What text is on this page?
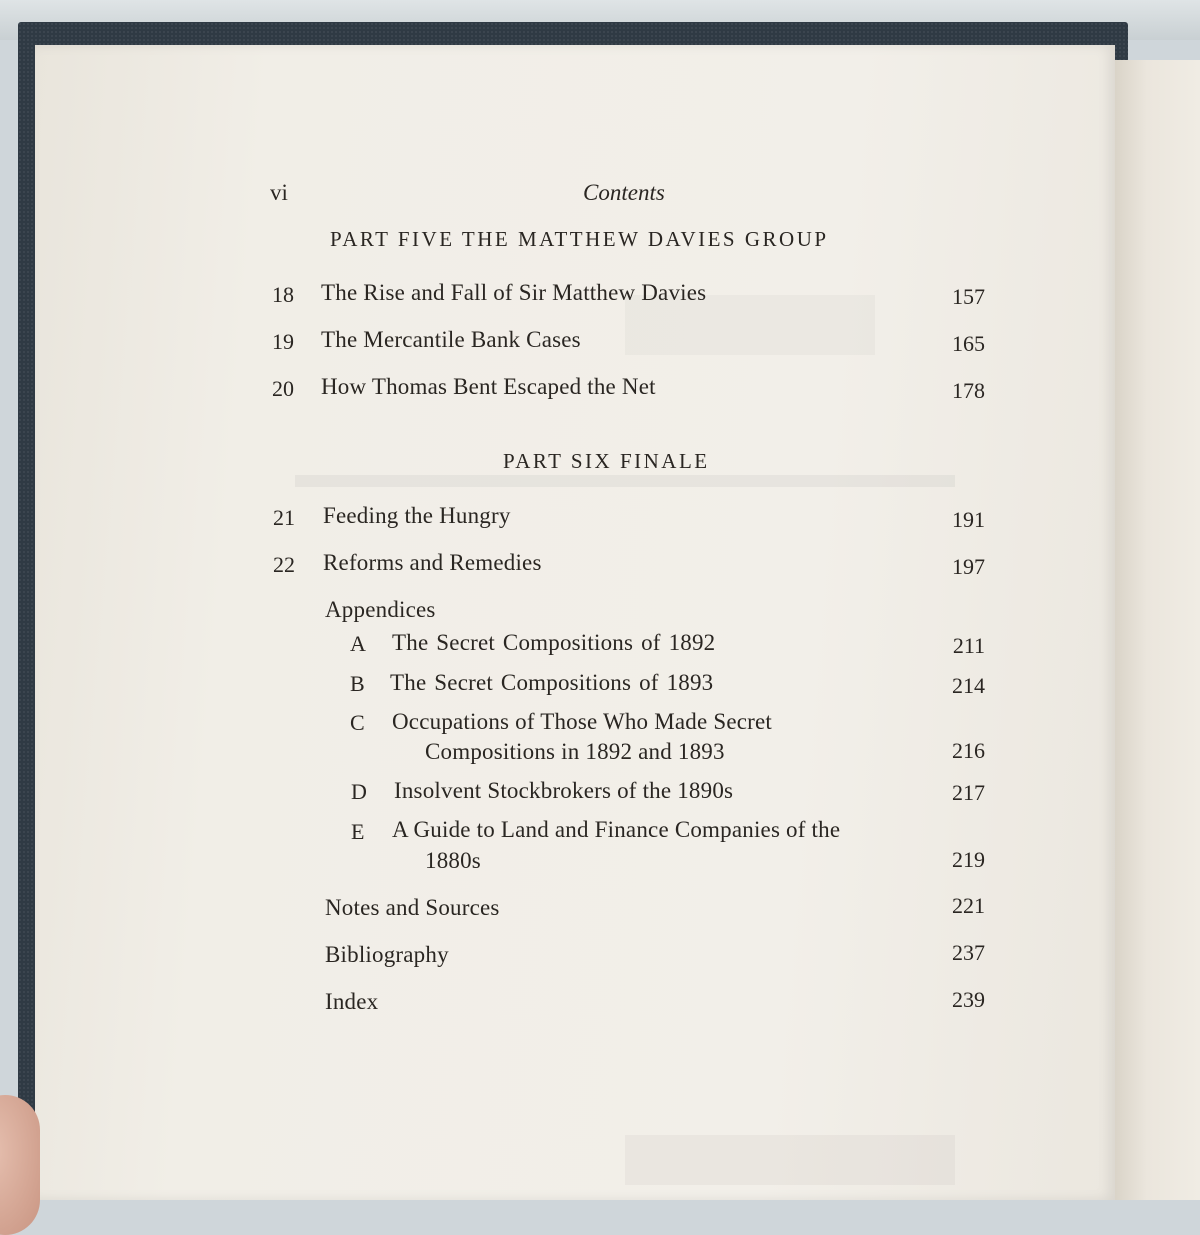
vi	Contents
PART FIVE THE MATTHEW DAVIES GROUP
18 The Rise and Fall of Sir Matthew Davies	157
19 The Mercantile Bank Cases	165
20 How Thomas Bent Escaped the Net	178
PART SIX FINALE
21 Feeding the Hungry	191
22 Reforms and Remedies	197
Appendices
A The Secret Compositions of 1892	211
B The Secret Compositions of 1893	214
C Occupations of Those Who Made Secret
Compositions in 1892 and 1893	216
D Insolvent Stockbrokers of the 1890s	217
E A Guide to Land and Finance Companies of the
1880s	219
Notes and Sources	221
Bibliography	237
Index	239
